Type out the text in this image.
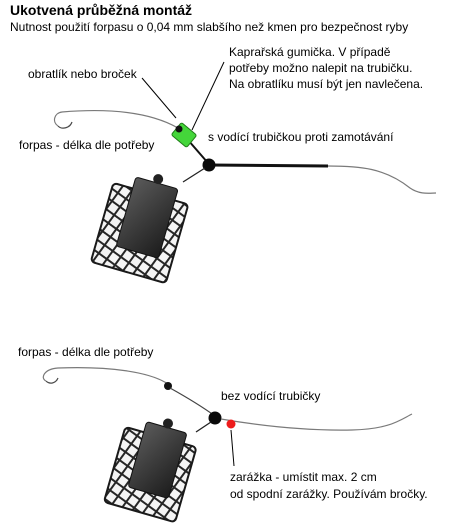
Ukotvená průběžná montáž
Nutnost použití forpasu o 0,04 mm slabšího než kmen pro bezpečnost ryby
obratlík nebo broček
Kaprařská gumička. V případě
potřeby možno nalepit na trubičku.
Na obratlíku musí být jen navlečena.
forpas - délka dle potřeby
s vodící trubičkou proti zamotávání
forpas - délka dle potřeby
bez vodící trubičky
zarážka - umístit max. 2 cm
od spodní zarážky. Používám bročky.
